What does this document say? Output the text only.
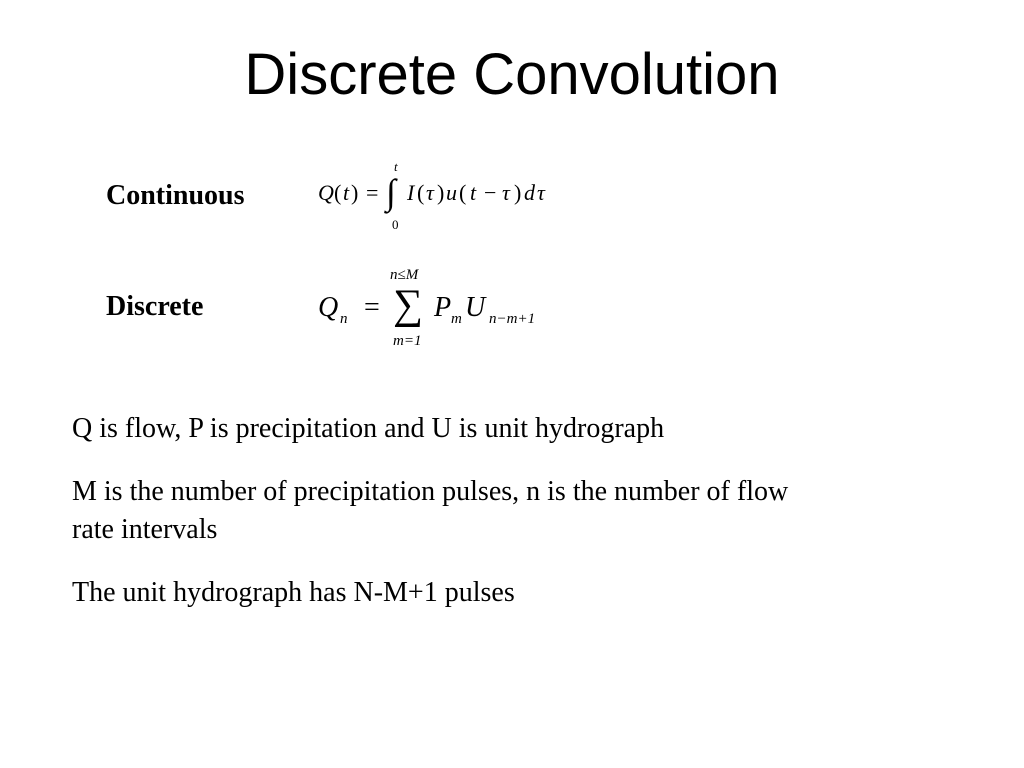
Discrete Convolution
Continuous	Q ( t ) =
t
∫
0
I ( τ ) u ( t − τ ) d τ
Discrete	Q n =
n≤M
∑
m=1
P m U n−m+1
Q is flow, P is precipitation and U is unit hydrograph
M is the number of precipitation pulses, n is the number of flow rate intervals
The unit hydrograph has N-M+1 pulses
